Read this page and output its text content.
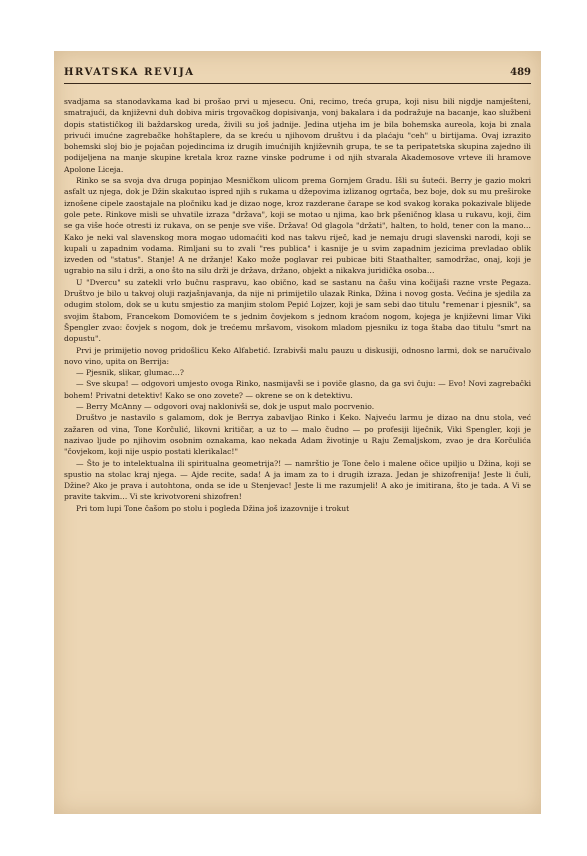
HRVATSKA REVIJA	489

svadjama sa stanodavkama kad bi prošao prvi u mjesecu. Oni, recimo, treća grupa, koji nisu bili nigdje namješteni, smatrajući, da književni duh dobiva miris trgovačkog dopisivanja, vonj bakalara i da podražuje na bacanje, kao službeni dopis statističkog ili baždarskog ureda, živili su još jadnije. Jedina utjeha im je bila bohemska aureola, koja bi znala privući imućne zagrebačke hohštaplere, da se kreću u njihovom društvu i da plaćaju "ceh" u birtijama. Ovaj izrazito bohemski sloj bio je pojačan pojedincima iz drugih imućnijih književnih grupa, te se ta peripatetska skupina zajedno ili podijeljena na manje skupine kretala kroz razne vinske podrume i od njih stvarala Akademosove vrteve ili hramove Apolone Liceja.

Rinko se sa svoja dva druga popinjao Mesničkom ulicom prema Gornjem Gradu. Išli su šuteći. Berry je gazio mokri asfalt uz njega, dok je Džin skakutao ispred njih s rukama u džepovima izlizanog ogrtača, bez boje, dok su mu preširoke iznošene cipele zaostajale na pločniku kad je dizao noge, kroz razderane čarape se kod svakog koraka pokazivale blijede gole pete. Rinkove misli se uhvatile izraza "država", koji se motao u njima, kao brk pšeničnog klasa u rukavu, koji, čim se ga više hoće otresti iz rukava, on se penje sve više. Država! Od glagola "držati", halten, to hold, tener con la mano… Kako je neki val slavenskog mora mogao udomaćiti kod nas takvu riječ, kad je nemaju drugi slavenski narodi, koji se kupali u zapadnim vodama. Rimljani su to zvali "res publica" i kasnije je u svim zapadnim jezicima prevladao oblik izveden od "status". Stanje! A ne držanje! Kako može poglavar rei pubicae biti Staathalter, samodržac, onaj, koji je ugrabio na silu i drži, a ono što na silu drži je država, držano, objekt a nikakva juridička osoba…

U "Dvercu" su zatekli vrlo bučnu raspravu, kao obično, kad se sastanu na čašu vina kočijaši razne vrste Pegaza. Društvo je bilo u takvoj oluji razjašnjavanja, da nije ni primijetilo ulazak Rinka, Džina i novog gosta. Većina je sjedila za odugim stolom, dok se u kutu smjestio za manjim stolom Pepić Lojzer, koji je sam sebi dao titulu "remenar i pjesnik", sa svojim štabom, Francekom Domovićem te s jednim čovjekom s jednom kraćom nogom, kojega je književni limar Viki Špengler zvao: čovjek s nogom, dok je trećemu mršavom, visokom mladom pjesniku iz toga štaba dao titulu "smrt na dopustu".

Prvi je primijetio novog pridošlicu Keko Alfabetić. Izrabivši malu pauzu u diskusiji, odnosno larmi, dok se naručivalo novo vino, upita on Berrija:

— Pjesnik, slikar, glumac…?

— Sve skupa! — odgovori umjesto ovoga Rinko, nasmijavši se i povičе glasno, da ga svi čuju: — Evo! Novi zagrebački bohem! Privatni detektiv! Kako se ono zovete? — okrene se on k detektivu.

— Berry McAnny — odgovori ovaj naklonivši se, dok je usput malo pocrvenio.

Društvo je nastavilo s galamom, dok je Berrya zabavljao Rinko i Keko. Najveću larmu je dizao na dnu stola, već zažaren od vina, Tone Korčulić, likovni kritičar, a uz to — malo čudno — po profesiji liječnik, Viki Spengler, koji je nazivao ljude po njihovim osobnim oznakama, kao nekada Adam životinje u Raju Zemaljskom, zvao je dra Korčulića "čovjekom, koji nije uspio postati klerikalac!"

— Što je to intelektualna ili spiritualna geometrija?! — namrštio je Tone čelo i malene očice upiljio u Džina, koji se spustio na stolac kraj njega. — Ajde recite, sada! A ja imam za to i drugih izraza. Jedan je shizofrenija! Jeste li čuli, Džine? Ako je prava i autohtona, onda se ide u Stenjevac! Jeste li me razumjeli! A ako je imitirana, što je tada. A Vi se pravite takvim… Vi ste krivotvoreni shizofren!

Pri tom lupi Tone čašom po stolu i pogleda Džina još izazovnije i trokut
